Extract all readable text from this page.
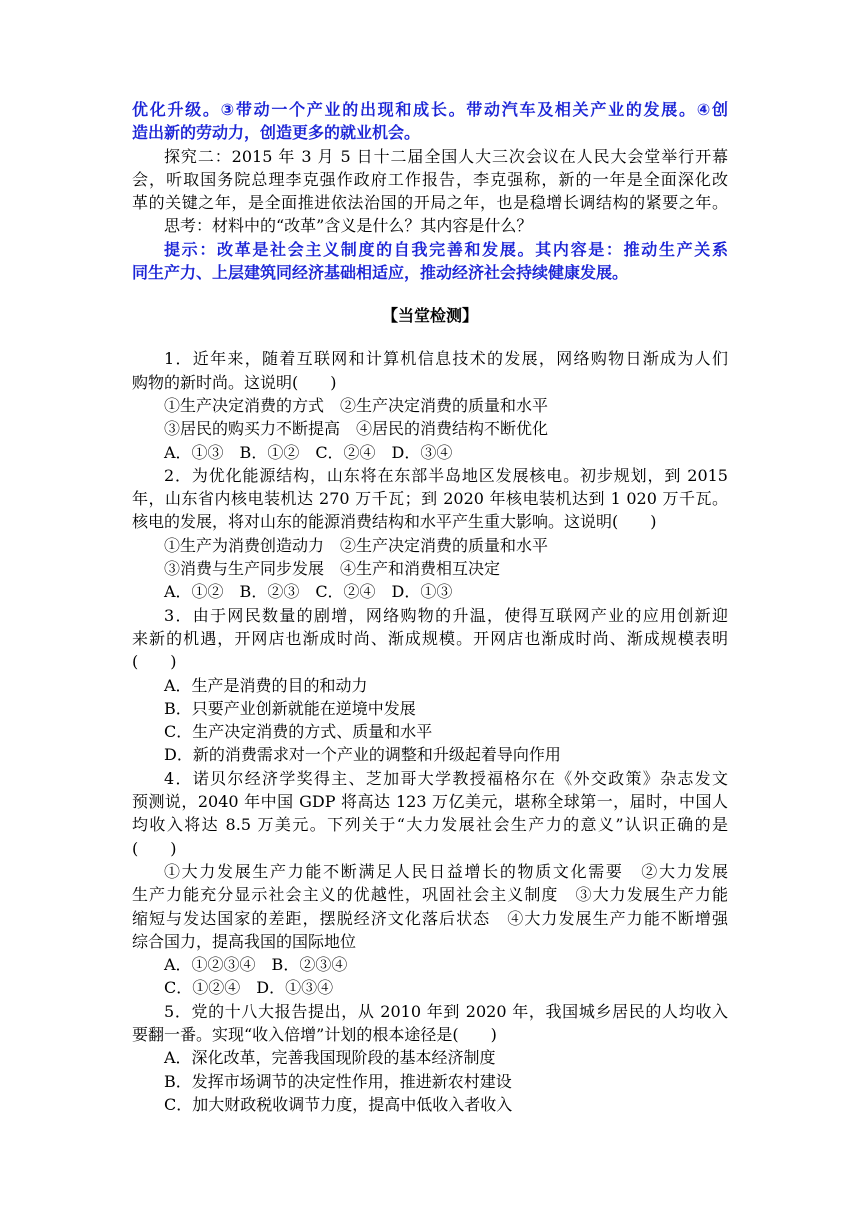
优化升级。③带动一个产业的出现和成长。带动汽车及相关产业的发展。④创
造出新的劳动力，创造更多的就业机会。
探究二：2015 年 3 月 5 日十二届全国人大三次会议在人民大会堂举行开幕
会，听取国务院总理李克强作政府工作报告，李克强称，新的一年是全面深化改
革的关键之年，是全面推进依法治国的开局之年，也是稳增长调结构的紧要之年。
思考：材料中的“改革”含义是什么？其内容是什么？
提示：改革是社会主义制度的自我完善和发展。其内容是：推动生产关系
同生产力、上层建筑同经济基础相适应，推动经济社会持续健康发展。
【当堂检测】
1．近年来，随着互联网和计算机信息技术的发展，网络购物日渐成为人们
购物的新时尚。这说明(　　)
①生产决定消费的方式　②生产决定消费的质量和水平
③居民的购买力不断提高　④居民的消费结构不断优化
A．①③　B．①②　C．②④　D．③④
2．为优化能源结构，山东将在东部半岛地区发展核电。初步规划，到 2015
年，山东省内核电装机达 270 万千瓦；到 2020 年核电装机达到 1 020 万千瓦。
核电的发展，将对山东的能源消费结构和水平产生重大影响。这说明(　　)
①生产为消费创造动力　②生产决定消费的质量和水平
③消费与生产同步发展　④生产和消费相互决定
A．①②　B．②③　C．②④　D．①③
3．由于网民数量的剧增，网络购物的升温，使得互联网产业的应用创新迎
来新的机遇，开网店也渐成时尚、渐成规模。开网店也渐成时尚、渐成规模表明
(　　)
A．生产是消费的目的和动力
B．只要产业创新就能在逆境中发展
C．生产决定消费的方式、质量和水平
D．新的消费需求对一个产业的调整和升级起着导向作用
4．诺贝尔经济学奖得主、芝加哥大学教授福格尔在《外交政策》杂志发文
预测说，2040 年中国 GDP 将高达 123 万亿美元，堪称全球第一，届时，中国人
均收入将达 8.5 万美元。下列关于“大力发展社会生产力的意义”认识正确的是
(　　)
①大力发展生产力能不断满足人民日益增长的物质文化需要　②大力发展
生产力能充分显示社会主义的优越性，巩固社会主义制度　③大力发展生产力能
缩短与发达国家的差距，摆脱经济文化落后状态　④大力发展生产力能不断增强
综合国力，提高我国的国际地位
A．①②③④　B．②③④
C．①②④　D．①③④
5．党的十八大报告提出，从 2010 年到 2020 年，我国城乡居民的人均收入
要翻一番。实现“收入倍增”计划的根本途径是(　　)
A．深化改革，完善我国现阶段的基本经济制度
B．发挥市场调节的决定性作用，推进新农村建设
C．加大财政税收调节力度，提高中低收入者收入
